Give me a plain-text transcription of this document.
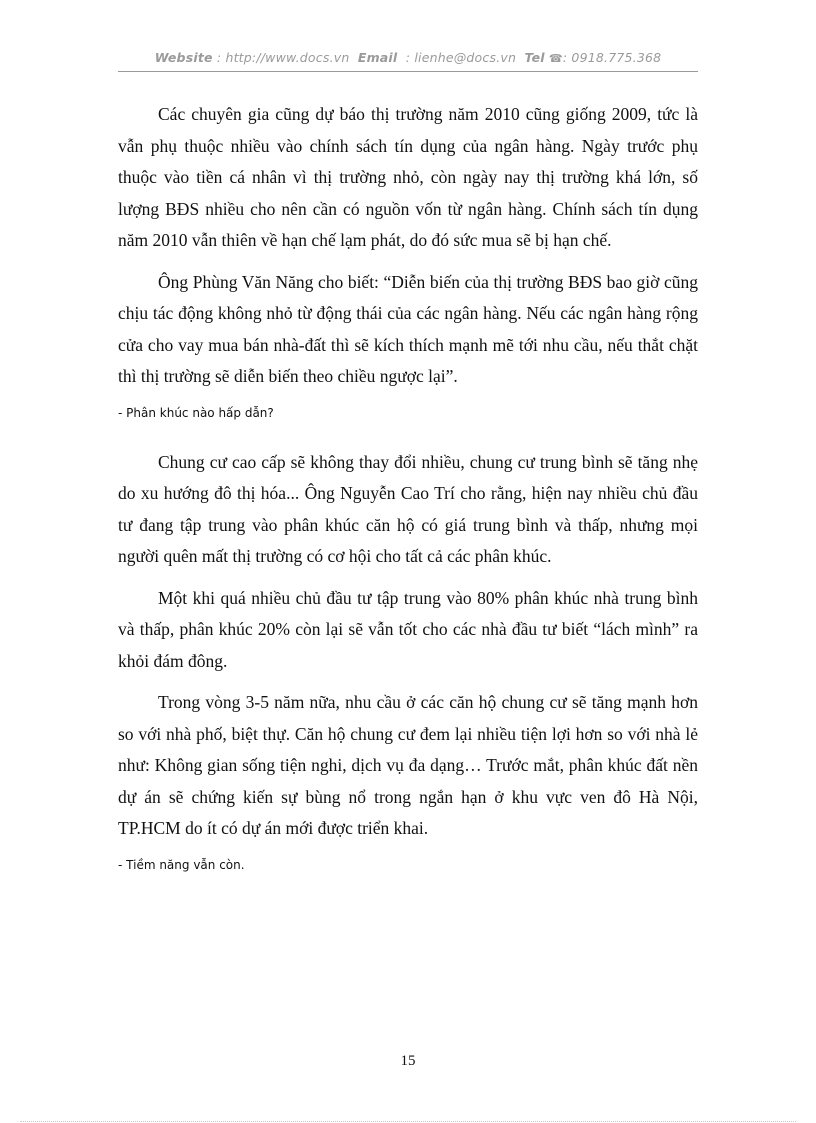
Website : http://www.docs.vn Email : lienhe@docs.vn Tel ☎: 0918.775.368

Các chuyên gia cũng dự báo thị trường năm 2010 cũng giống 2009, tức là vẫn phụ thuộc nhiều vào chính sách tín dụng của ngân hàng. Ngày trước phụ thuộc vào tiền cá nhân vì thị trường nhỏ, còn ngày nay thị trường khá lớn, số lượng BĐS nhiều cho nên cần có nguồn vốn từ ngân hàng. Chính sách tín dụng năm 2010 vẫn thiên về hạn chế lạm phát, do đó sức mua sẽ bị hạn chế.

Ông Phùng Văn Năng cho biết: “Diễn biến của thị trường BĐS bao giờ cũng chịu tác động không nhỏ từ động thái của các ngân hàng. Nếu các ngân hàng rộng cửa cho vay mua bán nhà-đất thì sẽ kích thích mạnh mẽ tới nhu cầu, nếu thắt chặt thì thị trường sẽ diễn biến theo chiều ngược lại”.

- Phân khúc nào hấp dẫn?

Chung cư cao cấp sẽ không thay đổi nhiều, chung cư trung bình sẽ tăng nhẹ do xu hướng đô thị hóa... Ông Nguyễn Cao Trí cho rằng, hiện nay nhiều chủ đầu tư đang tập trung vào phân khúc căn hộ có giá trung bình và thấp, nhưng mọi người quên mất thị trường có cơ hội cho tất cả các phân khúc.

Một khi quá nhiều chủ đầu tư tập trung vào 80% phân khúc nhà trung bình và thấp, phân khúc 20% còn lại sẽ vẫn tốt cho các nhà đầu tư biết “lách mình” ra khỏi đám đông.

Trong vòng 3-5 năm nữa, nhu cầu ở các căn hộ chung cư sẽ tăng mạnh hơn so với nhà phố, biệt thự. Căn hộ chung cư đem lại nhiều tiện lợi hơn so với nhà lẻ như: Không gian sống tiện nghi, dịch vụ đa dạng… Trước mắt, phân khúc đất nền dự án sẽ chứng kiến sự bùng nổ trong ngắn hạn ở khu vực ven đô Hà Nội, TP.HCM do ít có dự án mới được triển khai.

- Tiềm năng vẫn còn.
15
